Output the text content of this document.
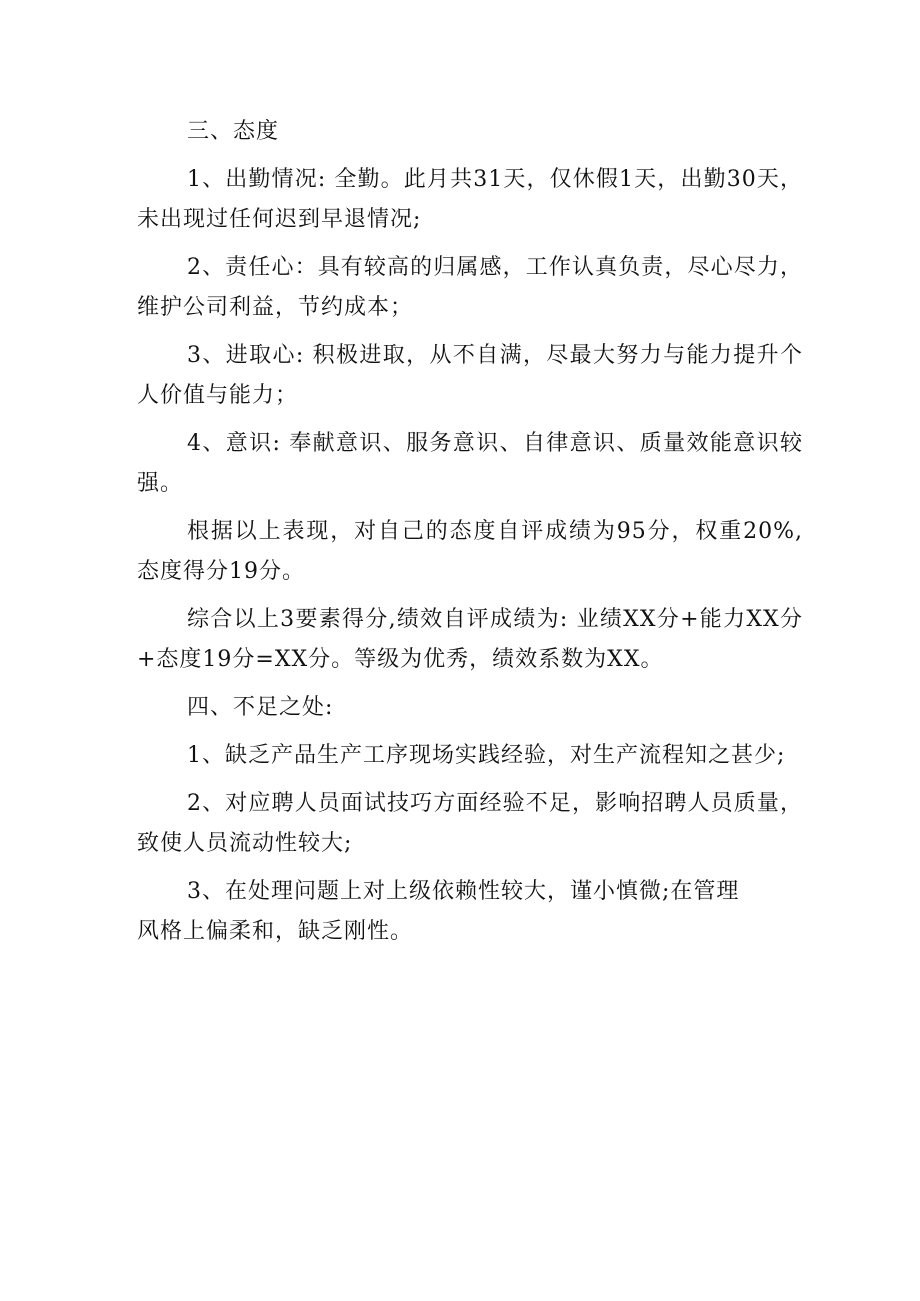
三、态度

1、出勤情况: 全勤。此月共31天，仅休假1天，出勤30天，未出现过任何迟到早退情况;

2、责任心：具有较高的归属感，工作认真负责，尽心尽力，维护公司利益，节约成本；

3、进取心: 积极进取，从不自满，尽最大努力与能力提升个人价值与能力；

4、意识: 奉献意识、服务意识、自律意识、质量效能意识较强。

根据以上表现，对自己的态度自评成绩为95分，权重20%,态度得分19分。

综合以上3要素得分,绩效自评成绩为: 业绩XX分+能力XX分+态度19分=XX分。等级为优秀，绩效系数为XX。

四、不足之处:

1、缺乏产品生产工序现场实践经验，对生产流程知之甚少;

2、对应聘人员面试技巧方面经验不足，影响招聘人员质量，致使人员流动性较大;

3、在处理问题上对上级依赖性较大，谨小慎微;在管理
风格上偏柔和，缺乏刚性。
